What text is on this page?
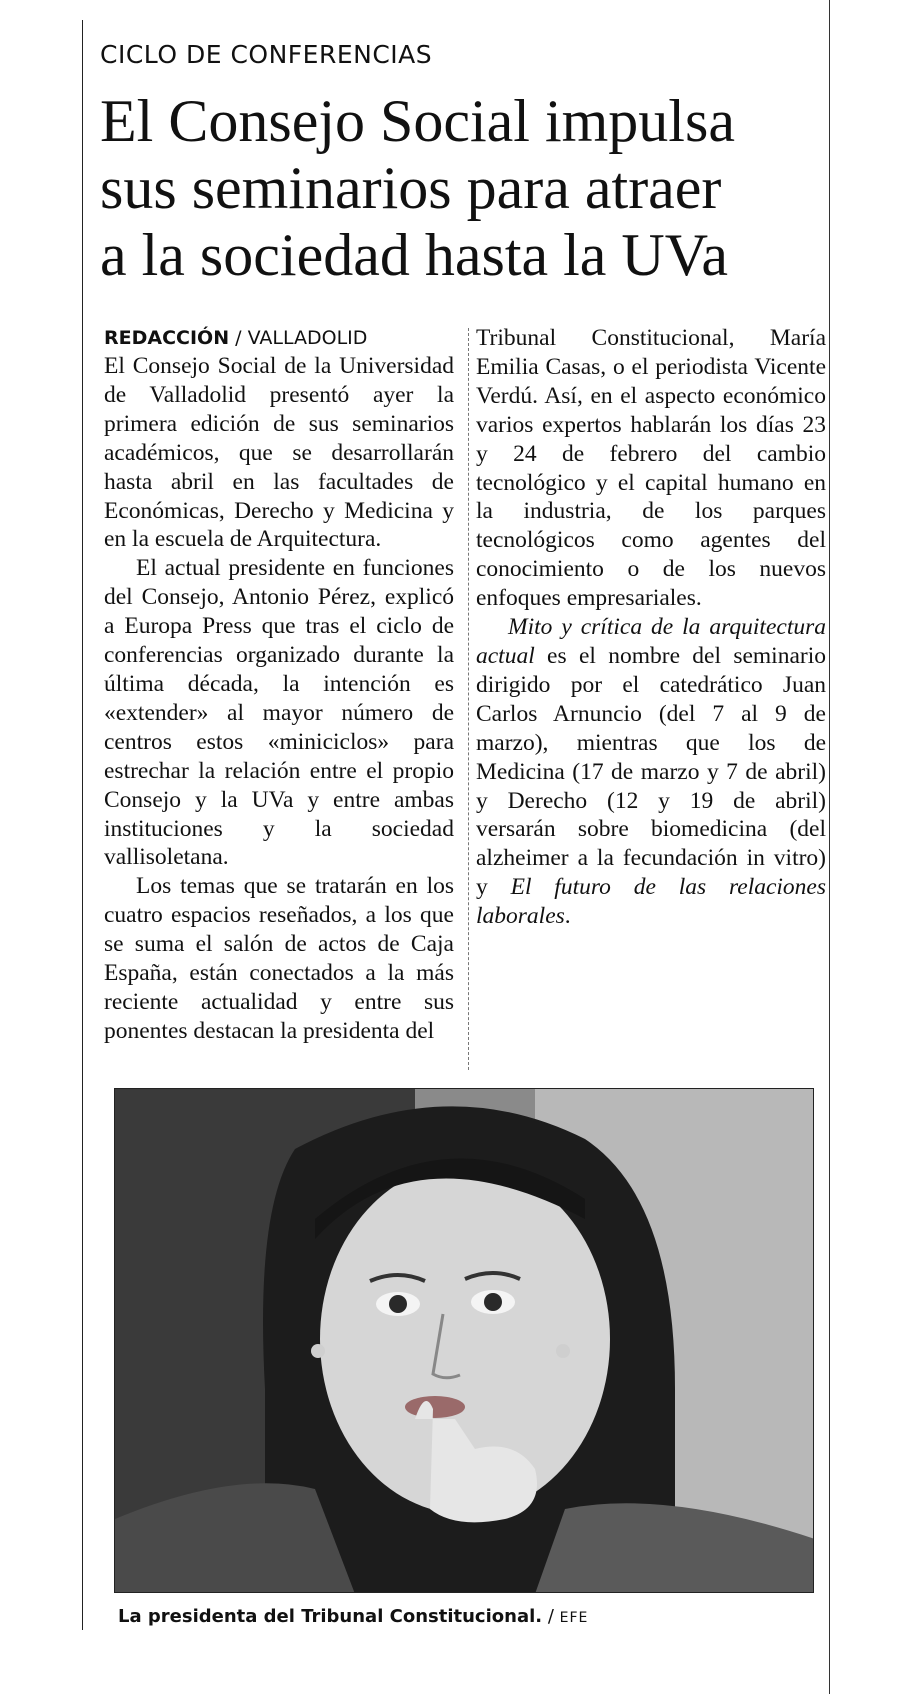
CICLO DE CONFERENCIAS
El Consejo Social impulsa
sus seminarios para atraer
a la sociedad hasta la UVa
REDACCIÓN / VALLADOLID

El Consejo Social de la Universidad de Valladolid presentó ayer la primera edición de sus seminarios académicos, que se desarrollarán hasta abril en las facultades de Económicas, Derecho y Medicina y en la escuela de Arquitectura.

El actual presidente en funciones del Consejo, Antonio Pérez, explicó a Europa Press que tras el ciclo de conferencias organizado durante la última década, la intención es «extender» al mayor número de centros estos «miniciclos» para estrechar la relación entre el propio Consejo y la UVa y entre ambas instituciones y la sociedad vallisoletana.

Los temas que se tratarán en los cuatro espacios reseñados, a los que se suma el salón de actos de Caja España, están conectados a la más reciente actualidad y entre sus ponentes destacan la presidenta del

Tribunal Constitucional, María Emilia Casas, o el periodista Vicente Verdú. Así, en el aspecto económico varios expertos hablarán los días 23 y 24 de febrero del cambio tecnológico y el capital humano en la industria, de los parques tecnológicos como agentes del conocimiento o de los nuevos enfoques empresariales.

Mito y crítica de la arquitectura actual es el nombre del seminario dirigido por el catedrático Juan Carlos Arnuncio (del 7 al 9 de marzo), mientras que los de Medicina (17 de marzo y 7 de abril) y Derecho (12 y 19 de abril) versarán sobre biomedicina (del alzheimer a la fecundación in vitro) y El futuro de las relaciones laborales.

La presidenta del Tribunal Constitucional. / EFE
